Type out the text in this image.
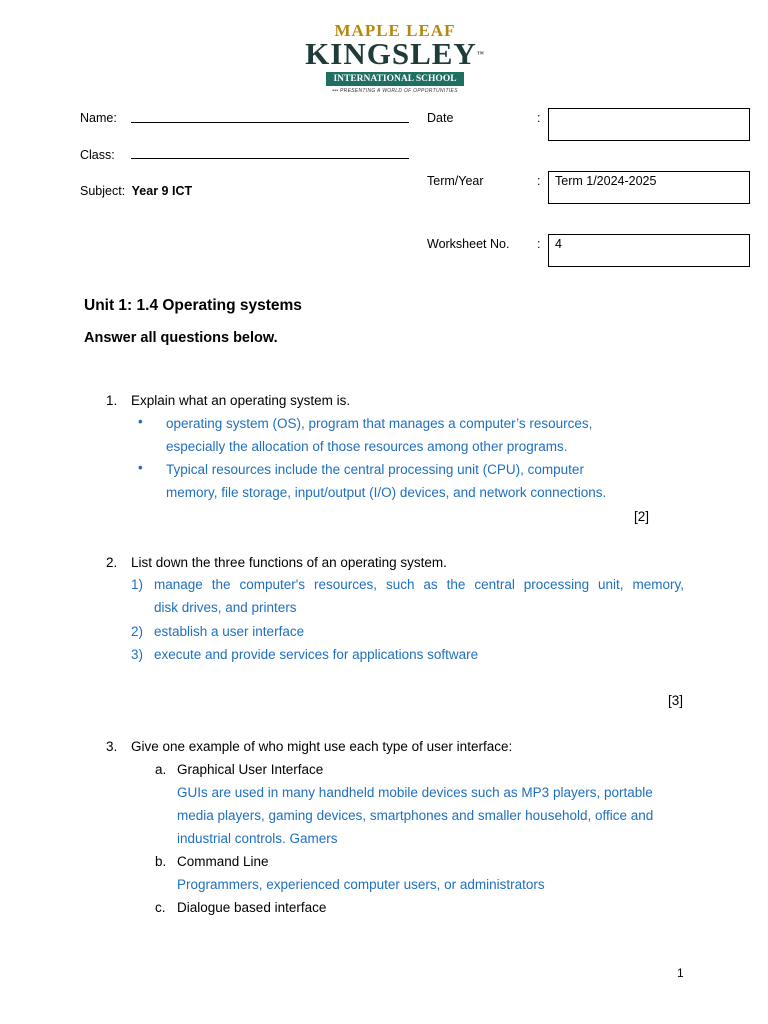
MAPLE LEAF
KINGSLEY™
INTERNATIONAL SCHOOL
••• PRESENTING A WORLD OF OPPORTUNITIES
Name:
Class:
Subject: Year 9 ICT
Date	:
Term/Year	:	Term 1/2024-2025
Worksheet No. :	4
Unit 1: 1.4 Operating systems
Answer all questions below.
1. Explain what an operating system is.
• operating system (OS), program that manages a computer’s resources,
especially the allocation of those resources among other programs.
• Typical resources include the central processing unit (CPU), computer
memory, file storage, input/output (I/O) devices, and network connections.
[2]
2. List down the three functions of an operating system.
1) manage the computer's resources, such as the central processing unit, memory,
disk drives, and printers
2) establish a user interface
3) execute and provide services for applications software
[3]
3. Give one example of who might use each type of user interface:
a. Graphical User Interface
GUIs are used in many handheld mobile devices such as MP3 players, portable
media players, gaming devices, smartphones and smaller household, office and
industrial controls. Gamers
b. Command Line
Programmers, experienced computer users, or administrators
c. Dialogue based interface
1
